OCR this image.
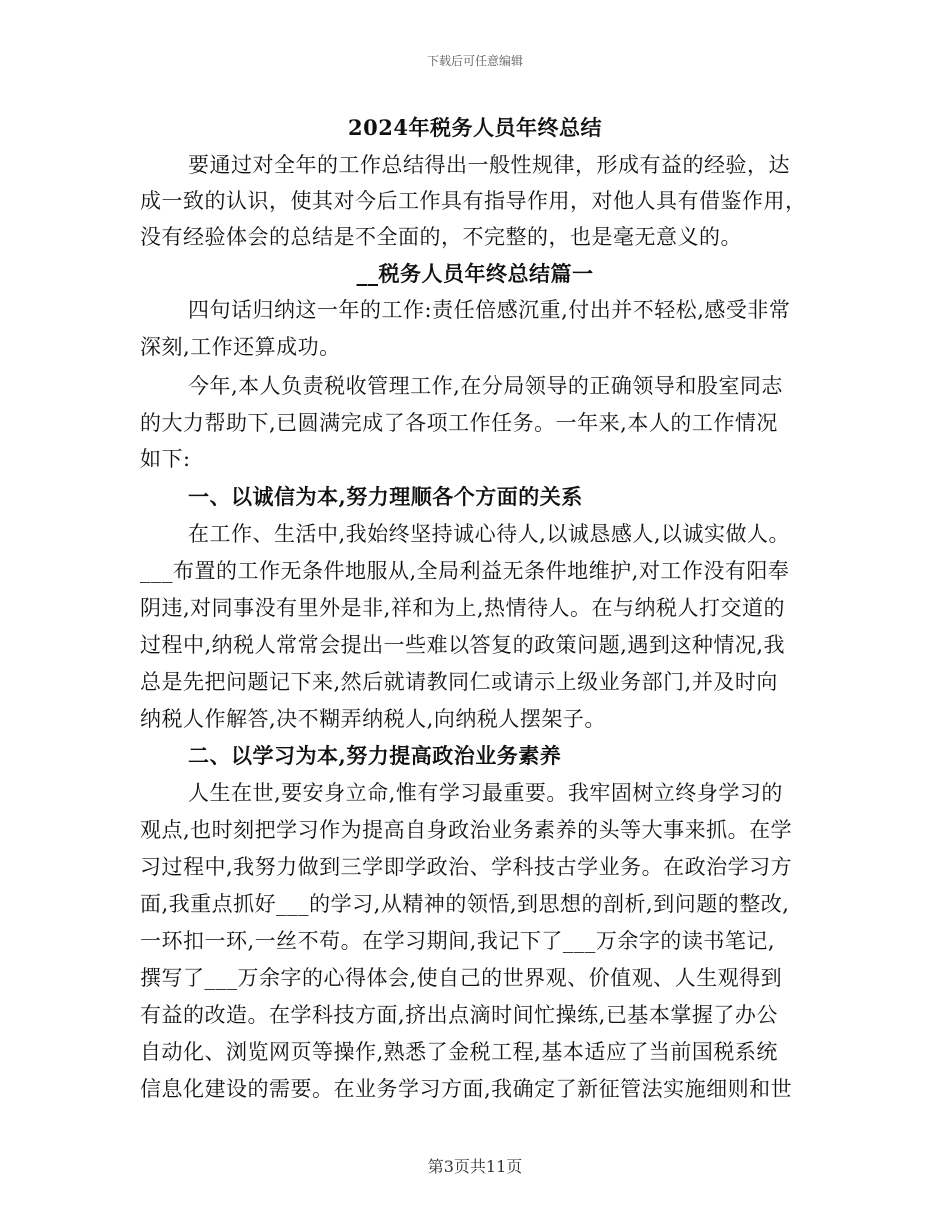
下载后可任意编辑
2024年税务人员年终总结
要通过对全年的工作总结得出一般性规律，形成有益的经验，达
成一致的认识，使其对今后工作具有指导作用，对他人具有借鉴作用，
没有经验体会的总结是不全面的，不完整的，也是毫无意义的。
__税务人员年终总结篇一
四句话归纳这一年的工作:责任倍感沉重,付出并不轻松,感受非常
深刻,工作还算成功。
今年,本人负责税收管理工作,在分局领导的正确领导和股室同志
的大力帮助下,已圆满完成了各项工作任务。一年来,本人的工作情况
如下:
一、以诚信为本,努力理顺各个方面的关系
在工作、生活中,我始终坚持诚心待人,以诚恳感人,以诚实做人。
___布置的工作无条件地服从,全局利益无条件地维护,对工作没有阳奉
阴违,对同事没有里外是非,祥和为上,热情待人。在与纳税人打交道的
过程中,纳税人常常会提出一些难以答复的政策问题,遇到这种情况,我
总是先把问题记下来,然后就请教同仁或请示上级业务部门,并及时向
纳税人作解答,决不糊弄纳税人,向纳税人摆架子。
二、以学习为本,努力提高政治业务素养
人生在世,要安身立命,惟有学习最重要。我牢固树立终身学习的
观点,也时刻把学习作为提高自身政治业务素养的头等大事来抓。在学
习过程中,我努力做到三学即学政治、学科技古学业务。在政治学习方
面,我重点抓好___的学习,从精神的领悟,到思想的剖析,到问题的整改,
一环扣一环,一丝不苟。在学习期间,我记下了___万余字的读书笔记,
撰写了___万余字的心得体会,使自己的世界观、价值观、人生观得到
有益的改造。在学科技方面,挤出点滴时间忙操练,已基本掌握了办公
自动化、浏览网页等操作,熟悉了金税工程,基本适应了当前国税系统
信息化建设的需要。在业务学习方面,我确定了新征管法实施细则和世
第3页共11页
